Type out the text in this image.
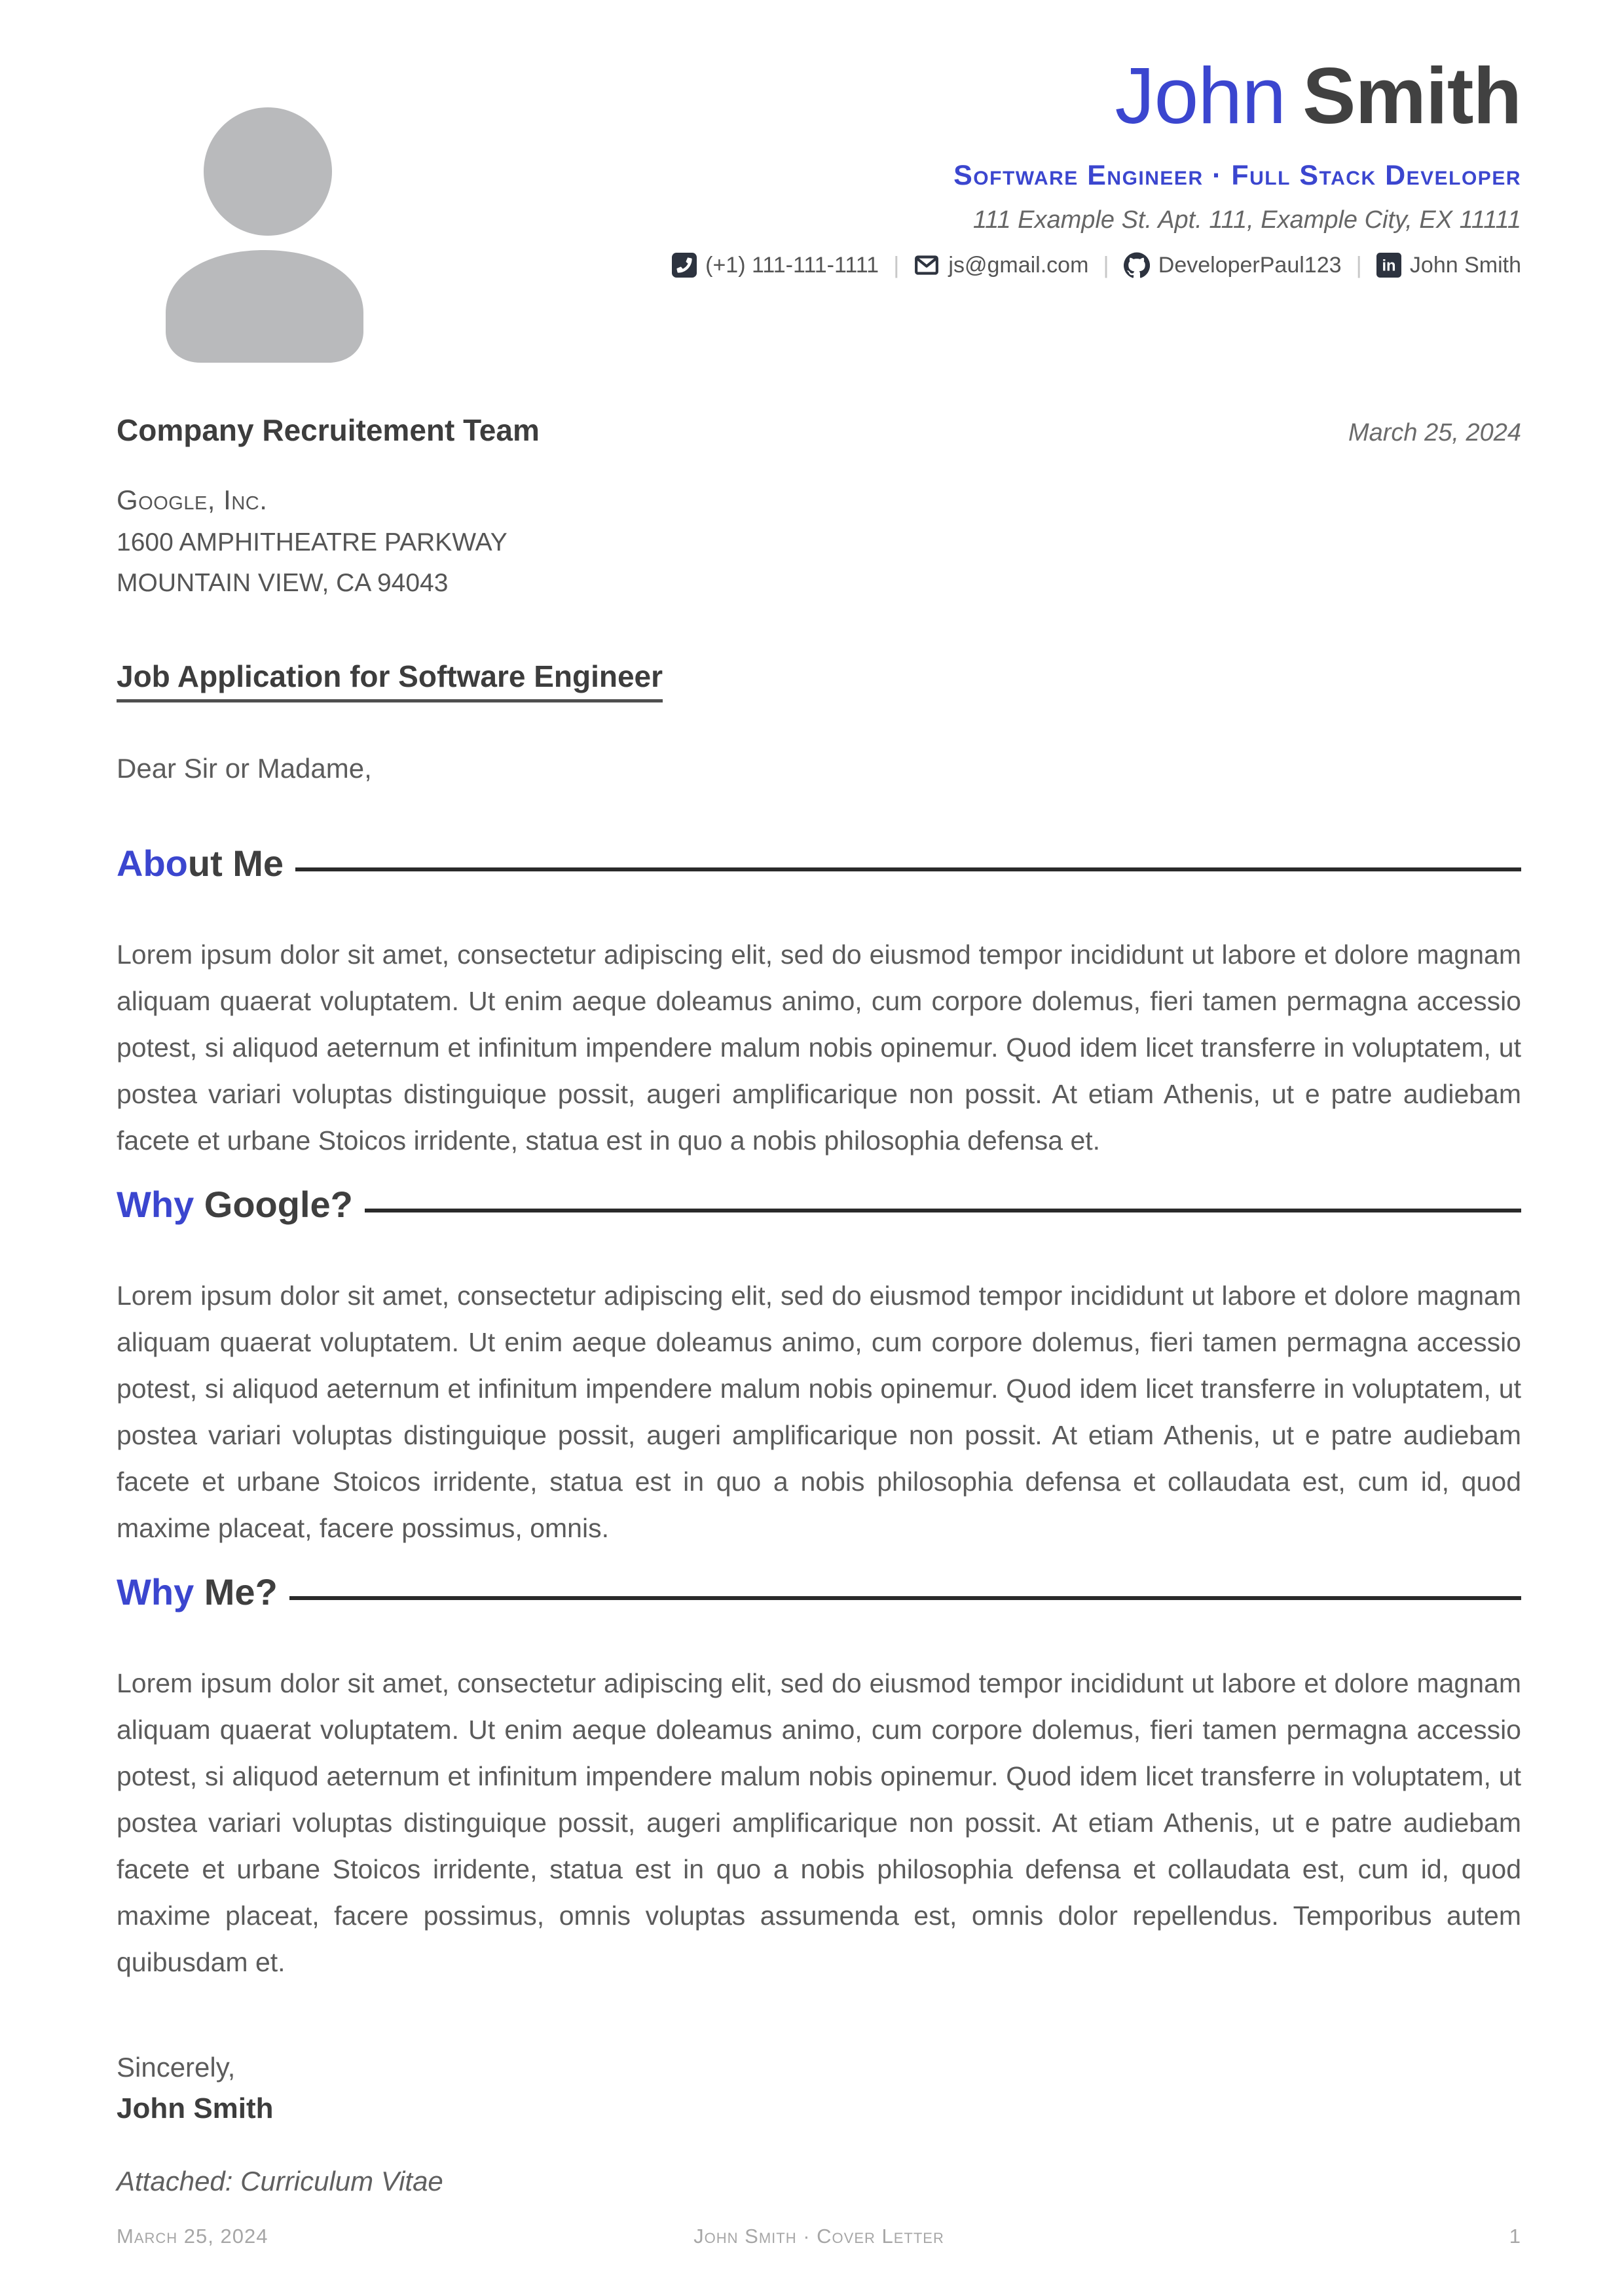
John Smith
Software Engineer · Full Stack Developer
111 Example St. Apt. 111, Example City, EX 11111
(+1) 111-111-1111 | js@gmail.com | DeveloperPaul123 | in John Smith
Company Recruitement Team	March 25, 2024
Google, Inc.
1600 AMPHITHEATRE PARKWAY
MOUNTAIN VIEW, CA 94043
Job Application for Software Engineer
Dear Sir or Madame,
About Me
Lorem ipsum dolor sit amet, consectetur adipiscing elit, sed do eiusmod tempor incididunt ut labore et dolore magnam aliquam quaerat voluptatem. Ut enim aeque doleamus animo, cum corpore dolemus, fieri tamen permagna accessio potest, si aliquod aeternum et infinitum impendere malum nobis opinemur. Quod idem licet transferre in voluptatem, ut postea variari voluptas distinguique possit, augeri amplificarique non possit. At etiam Athenis, ut e patre audiebam facete et urbane Stoicos irridente, statua est in quo a nobis philosophia defensa et.
Why Google?
Lorem ipsum dolor sit amet, consectetur adipiscing elit, sed do eiusmod tempor incididunt ut labore et dolore magnam aliquam quaerat voluptatem. Ut enim aeque doleamus animo, cum corpore dolemus, fieri tamen permagna accessio potest, si aliquod aeternum et infinitum impendere malum nobis opinemur. Quod idem licet transferre in voluptatem, ut postea variari voluptas distinguique possit, augeri amplificarique non possit. At etiam Athenis, ut e patre audiebam facete et urbane Stoicos irridente, statua est in quo a nobis philosophia defensa et collaudata est, cum id, quod maxime placeat, facere possimus, omnis.
Why Me?
Lorem ipsum dolor sit amet, consectetur adipiscing elit, sed do eiusmod tempor incididunt ut labore et dolore magnam aliquam quaerat voluptatem. Ut enim aeque doleamus animo, cum corpore dolemus, fieri tamen permagna accessio potest, si aliquod aeternum et infinitum impendere malum nobis opinemur. Quod idem licet transferre in voluptatem, ut postea variari voluptas distinguique possit, augeri amplificarique non possit. At etiam Athenis, ut e patre audiebam facete et urbane Stoicos irridente, statua est in quo a nobis philosophia defensa et collaudata est, cum id, quod maxime placeat, facere possimus, omnis voluptas assumenda est, omnis dolor repellendus. Temporibus autem quibusdam et.
Sincerely,
John Smith
Attached: Curriculum Vitae
March 25, 2024	John Smith · Cover Letter	1
